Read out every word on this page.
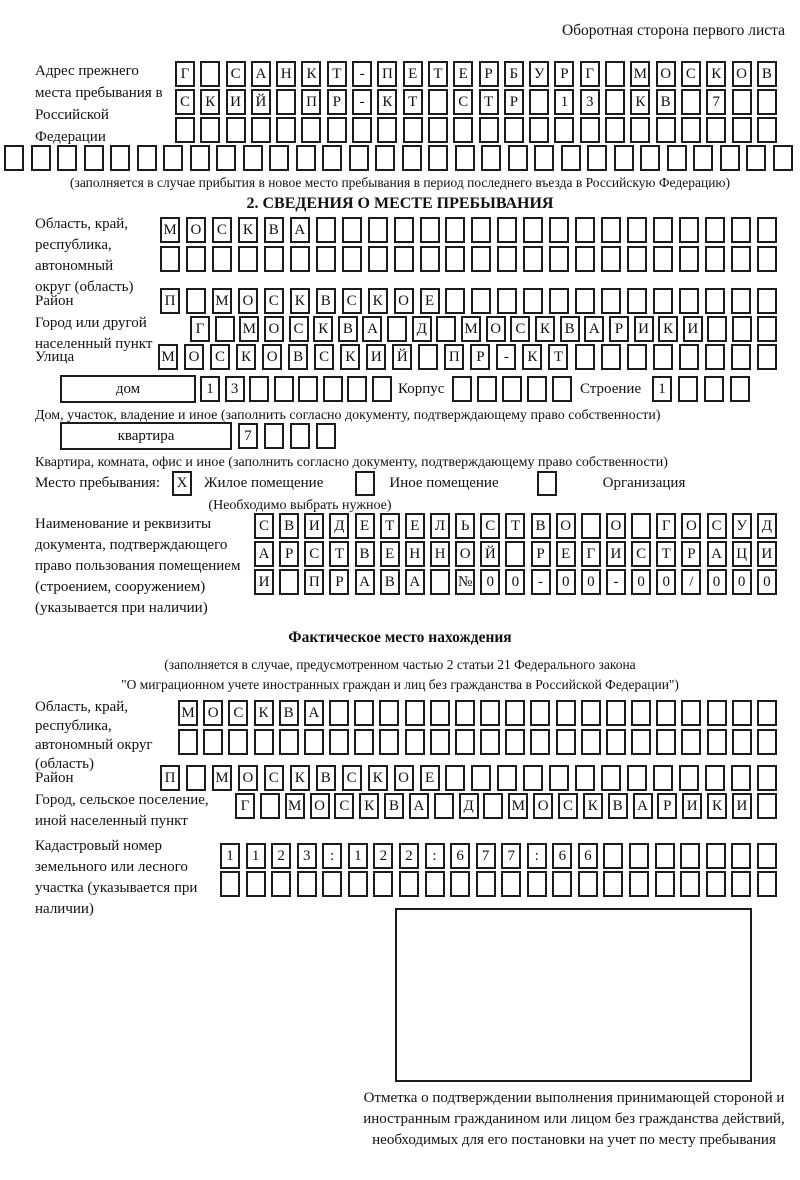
Оборотная сторона первого листа
Адрес прежнего места пребывания в Российской Федерации
Г	С А Н К	Т	-	П	Е	Т	Е	Р	Б	У	Р	Г	М О С	К О В
С	К И Й	П	Р	-	К	Т	С	Т	Р	1	3	К	В	7
(заполняется в случае прибытия в новое место пребывания в период последнего въезда в Российскую Федерацию)
2. СВЕДЕНИЯ О МЕСТЕ ПРЕБЫВАНИЯ
Область, край, республика, автономный округ (область)
М О	С	К	В	А
Район	П	М О	С	К	В	С	К	О	Е
Город или другой населенный пункт
Г	М О С К В А	Д	М О С К В А	Р	И К И
Улица	М О	С	К	О	В	С	К	И	Й	П	Р	-	К	Т
дом	1	3	Корпус	Строение	1
Дом, участок, владение и иное (заполнить согласно документу, подтверждающему право собственности)
квартира	7
Квартира, комната, офис и иное (заполнить согласно документу, подтверждающему право собственности)
Место пребывания:	X	Жилое помещение	Иное помещение	Организация
(Необходимо выбрать нужное)
Наименование и реквизиты документа, подтверждающего право пользования помещением (строением, сооружением) (указывается при наличии)
С	В И Д	Е	Т	Е	Л	Ь	С	Т	В О	О	Г	О С У Д
А	Р	С	Т	В	Е	Н Н О Й	Р	Е	Г	И С	Т	Р	А Ц И
И	П	Р	А В А	№ 0	0	-	0	0	-	0	0	/	0	0	0
Фактическое место нахождения
(заполняется в случае, предусмотренном частью 2 статьи 21 Федерального закона
"О миграционном учете иностранных граждан и лиц без гражданства в Российской Федерации")
Область, край, республика, автономный округ (область)
М О С	К	В А
Район	П	М О	С	К	В	С	К	О	Е
Город, сельское поселение, иной населенный пункт
Г	М О С К В А	Д	М О С К В А	Р	И К И
Кадастровый номер земельного или лесного участка (указывается при наличии)
1	1	2	3	:	1	2	2	:	6	7	7	:	6	6
Отметка о подтверждении выполнения принимающей стороной и иностранным гражданином или лицом без гражданства действий, необходимых для его постановки на учет по месту пребывания
